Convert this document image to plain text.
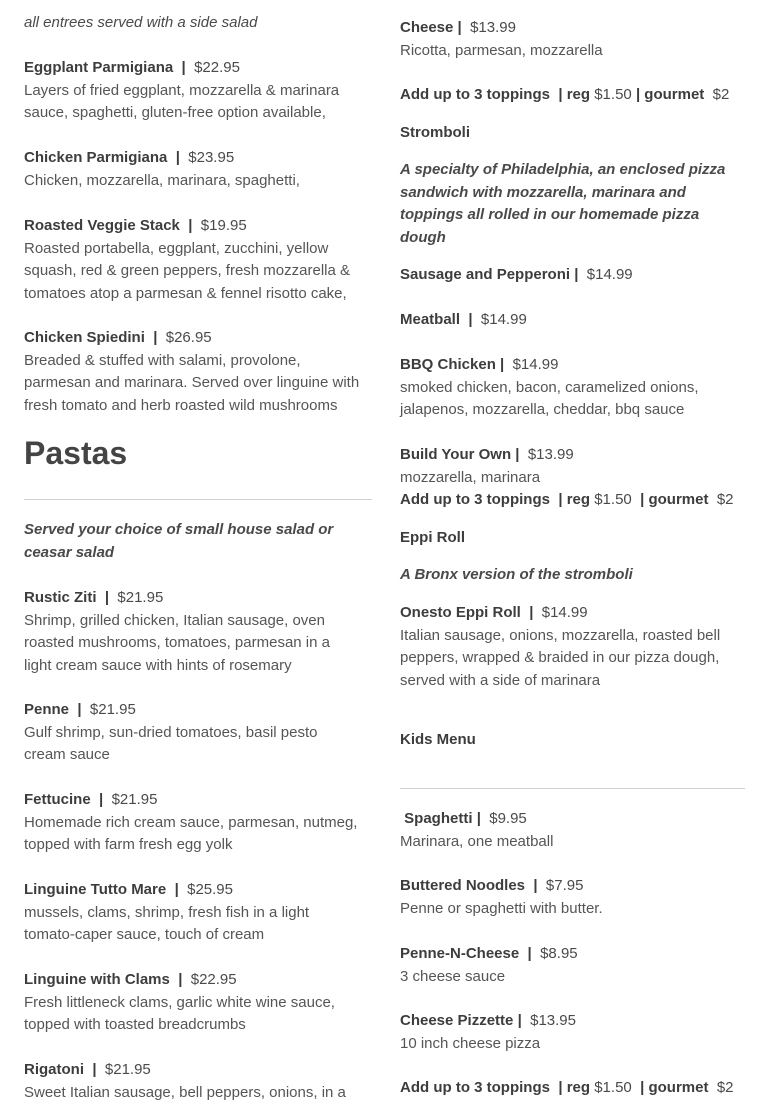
all entrees served with a side salad
Eggplant Parmigiana | $22.95
Layers of fried eggplant, mozzarella & marinara
sauce, spaghetti, gluten-free option available,
Chicken Parmigiana | $23.95
Chicken, mozzarella, marinara, spaghetti,
Roasted Veggie Stack | $19.95
Roasted portabella, eggplant, zucchini, yellow
squash, red & green peppers, fresh mozzarella &
tomatoes atop a parmesan & fennel risotto cake,
Chicken Spiedini | $26.95
Breaded & stuffed with salami, provolone,
parmesan and marinara. Served over linguine with
fresh tomato and herb roasted wild mushrooms
Pastas
Served your choice of small house salad or
ceasar salad
Rustic Ziti | $21.95
Shrimp, grilled chicken, Italian sausage, oven
roasted mushrooms, tomatoes, parmesan in a
light cream sauce with hints of rosemary
Penne | $21.95
Gulf shrimp, sun-dried tomatoes, basil pesto
cream sauce
Fettucine | $21.95
Homemade rich cream sauce, parmesan, nutmeg,
topped with farm fresh egg yolk
Linguine Tutto Mare | $25.95
mussels, clams, shrimp, fresh fish in a light
tomato-caper sauce, touch of cream
Linguine with Clams | $22.95
Fresh littleneck clams, garlic white wine sauce,
topped with toasted breadcrumbs
Rigatoni | $21.95
Sweet Italian sausage, bell peppers, onions, in a
Cheese | $13.99
Ricotta, parmesan, mozzarella
Add up to 3 toppings | reg $1.50 | gourmet $2
Stromboli
A specialty of Philadelphia, an enclosed pizza
sandwich with mozzarella, marinara and
toppings all rolled in our homemade pizza
dough
Sausage and Pepperoni | $14.99
Meatball | $14.99
BBQ Chicken | $14.99
smoked chicken, bacon, caramelized onions,
jalapenos, mozzarella, cheddar, bbq sauce
Build Your Own | $13.99
mozzarella, marinara
Add up to 3 toppings | reg $1.50 | gourmet $2
Eppi Roll
A Bronx version of the stromboli
Onesto Eppi Roll | $14.99
Italian sausage, onions, mozzarella, roasted bell
peppers, wrapped & braided in our pizza dough,
served with a side of marinara
Kids Menu
Spaghetti | $9.95
Marinara, one meatball
Buttered Noodles | $7.95
Penne or spaghetti with butter.
Penne-N-Cheese | $8.95
3 cheese sauce
Cheese Pizzette | $13.95
10 inch cheese pizza
Add up to 3 toppings | reg $1.50 | gourmet $2
